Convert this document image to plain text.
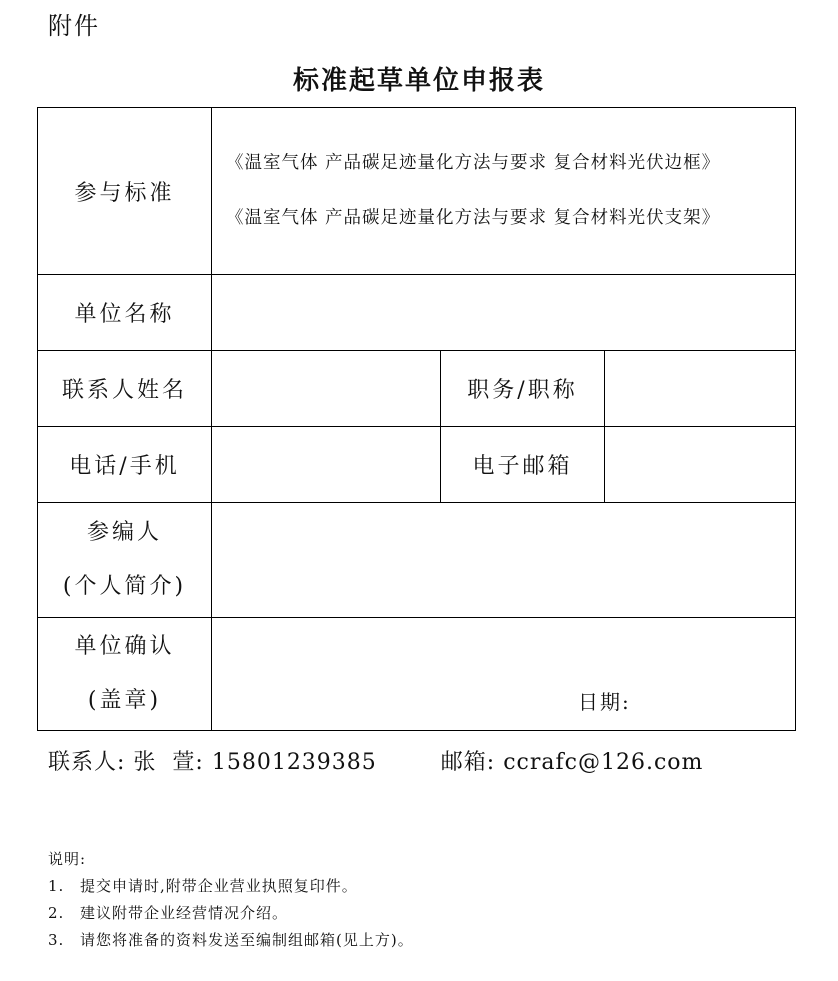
附件
标准起草单位申报表
参与标准	《温室气体 产品碳足迹量化方法与要求 复合材料光伏边框》
《温室气体 产品碳足迹量化方法与要求 复合材料光伏支架》		

单位名称			
联系人姓名		职务/职称	
电话/手机		电子邮箱	

参编人
(个人简介)			

单位确认
(盖章)	日期:		
联系人: 张  萱: 15801239385	邮箱: ccrafc@126.com
说明:
1. 提交申请时,附带企业营业执照复印件。
2. 建议附带企业经营情况介绍。
3. 请您将准备的资料发送至编制组邮箱(见上方)。
